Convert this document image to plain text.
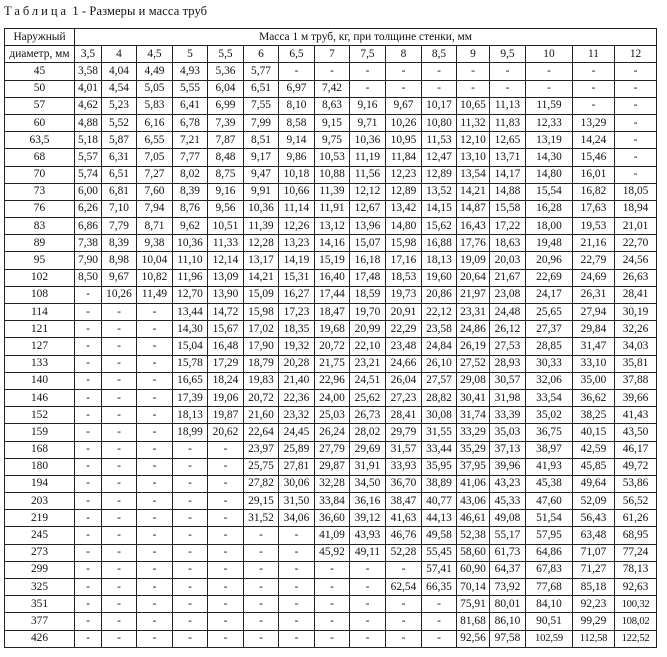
Таблица 1 - Размеры и масса труб
Наружный	Масса 1 м труб, кг, при толщине стенки, мм															
диаметр, мм	3,5	4	4,5	5	5,5	6	6,5	7	7,5	8	8,5	9	9,5	10	11	12
45	3,58	4,04	4,49	4,93	5,36	5,77	-	-	-	-	-	-	-	-	-	-
50	4,01	4,54	5,05	5,55	6,04	6,51	6,97	7,42	-	-	-	-	-	-	-	-
57	4,62	5,23	5,83	6,41	6,99	7,55	8,10	8,63	9,16	9,67	10,17	10,65	11,13	11,59	-	-
60	4,88	5,52	6,16	6,78	7,39	7,99	8,58	9,15	9,71	10,26	10,80	11,32	11,83	12,33	13,29	-
63,5	5,18	5,87	6,55	7,21	7,87	8,51	9,14	9,75	10,36	10,95	11,53	12,10	12,65	13,19	14,24	-
68	5,57	6,31	7,05	7,77	8,48	9,17	9,86	10,53	11,19	11,84	12,47	13,10	13,71	14,30	15,46	-
70	5,74	6,51	7,27	8,02	8,75	9,47	10,18	10,88	11,56	12,23	12,89	13,54	14,17	14,80	16,01	-
73	6,00	6,81	7,60	8,39	9,16	9,91	10,66	11,39	12,12	12,89	13,52	14,21	14,88	15,54	16,82	18,05
76	6,26	7,10	7,94	8,76	9,56	10,36	11,14	11,91	12,67	13,42	14,15	14,87	15,58	16,28	17,63	18,94
83	6,86	7,79	8,71	9,62	10,51	11,39	12,26	13,12	13,96	14,80	15,62	16,43	17,22	18,00	19,53	21,01
89	7,38	8,39	9,38	10,36	11,33	12,28	13,23	14,16	15,07	15,98	16,88	17,76	18,63	19,48	21,16	22,70
95	7,90	8,98	10,04	11,10	12,14	13,17	14,19	15,19	16,18	17,16	18,13	19,09	20,03	20,96	22,79	24,56
102	8,50	9,67	10,82	11,96	13,09	14,21	15,31	16,40	17,48	18,53	19,60	20,64	21,67	22,69	24,69	26,63
108	-	10,26	11,49	12,70	13,90	15,09	16,27	17,44	18,59	19,73	20,86	21,97	23,08	24,17	26,31	28,41
114	-	-	-	13,44	14,72	15,98	17,23	18,47	19,70	20,91	22,12	23,31	24,48	25,65	27,94	30,19
121	-	-	-	14,30	15,67	17,02	18,35	19,68	20,99	22,29	23,58	24,86	26,12	27,37	29,84	32,26
127	-	-	-	15,04	16,48	17,90	19,32	20,72	22,10	23,48	24,84	26,19	27,53	28,85	31,47	34,03
133	-	-	-	15,78	17,29	18,79	20,28	21,75	23,21	24,66	26,10	27,52	28,93	30,33	33,10	35,81
140	-	-	-	16,65	18,24	19,83	21,40	22,96	24,51	26,04	27,57	29,08	30,57	32,06	35,00	37,88
146	-	-	-	17,39	19,06	20,72	22,36	24,00	25,62	27,23	28,82	30,41	31,98	33,54	36,62	39,66
152	-	-	-	18,13	19,87	21,60	23,32	25,03	26,73	28,41	30,08	31,74	33,39	35,02	38,25	41,43
159	-	-	-	18,99	20,62	22,64	24,45	26,24	28,02	29,79	31,55	33,29	35,03	36,75	40,15	43,50
168	-	-	-	-	-	23,97	25,89	27,79	29,69	31,57	33,44	35,29	37,13	38,97	42,59	46,17
180	-	-	-	-	-	25,75	27,81	29,87	31,91	33,93	35,95	37,95	39,96	41,93	45,85	49,72
194	-	-	-	-	-	27,82	30,06	32,28	34,50	36,70	38,89	41,06	43,23	45,38	49,64	53,86
203	-	-	-	-	-	29,15	31,50	33,84	36,16	38,47	40,77	43,06	45,33	47,60	52,09	56,52
219	-	-	-	-	-	31,52	34,06	36,60	39,12	41,63	44,13	46,61	49,08	51,54	56,43	61,26
245	-	-	-	-	-	-	-	41,09	43,93	46,76	49,58	52,38	55,17	57,95	63,48	68,95
273	-	-	-	-	-	-	-	45,92	49,11	52,28	55,45	58,60	61,73	64,86	71,07	77,24
299	-	-	-	-	-	-	-	-	-	-	57,41	60,90	64,37	67,83	71,27	78,13
325	-	-	-	-	-	-	-	-	-	62,54	66,35	70,14	73,92	77,68	85,18	92,63
351	-	-	-	-	-	-	-	-	-	-	-	75,91	80,01	84,10	92,23	100,32
377	-	-	-	-	-	-	-	-	-	-	-	81,68	86,10	90,51	99,29	108,02
426	-	-	-	-	-	-	-	-	-	-	-	92,56	97,58	102,59	112,58	122,52
